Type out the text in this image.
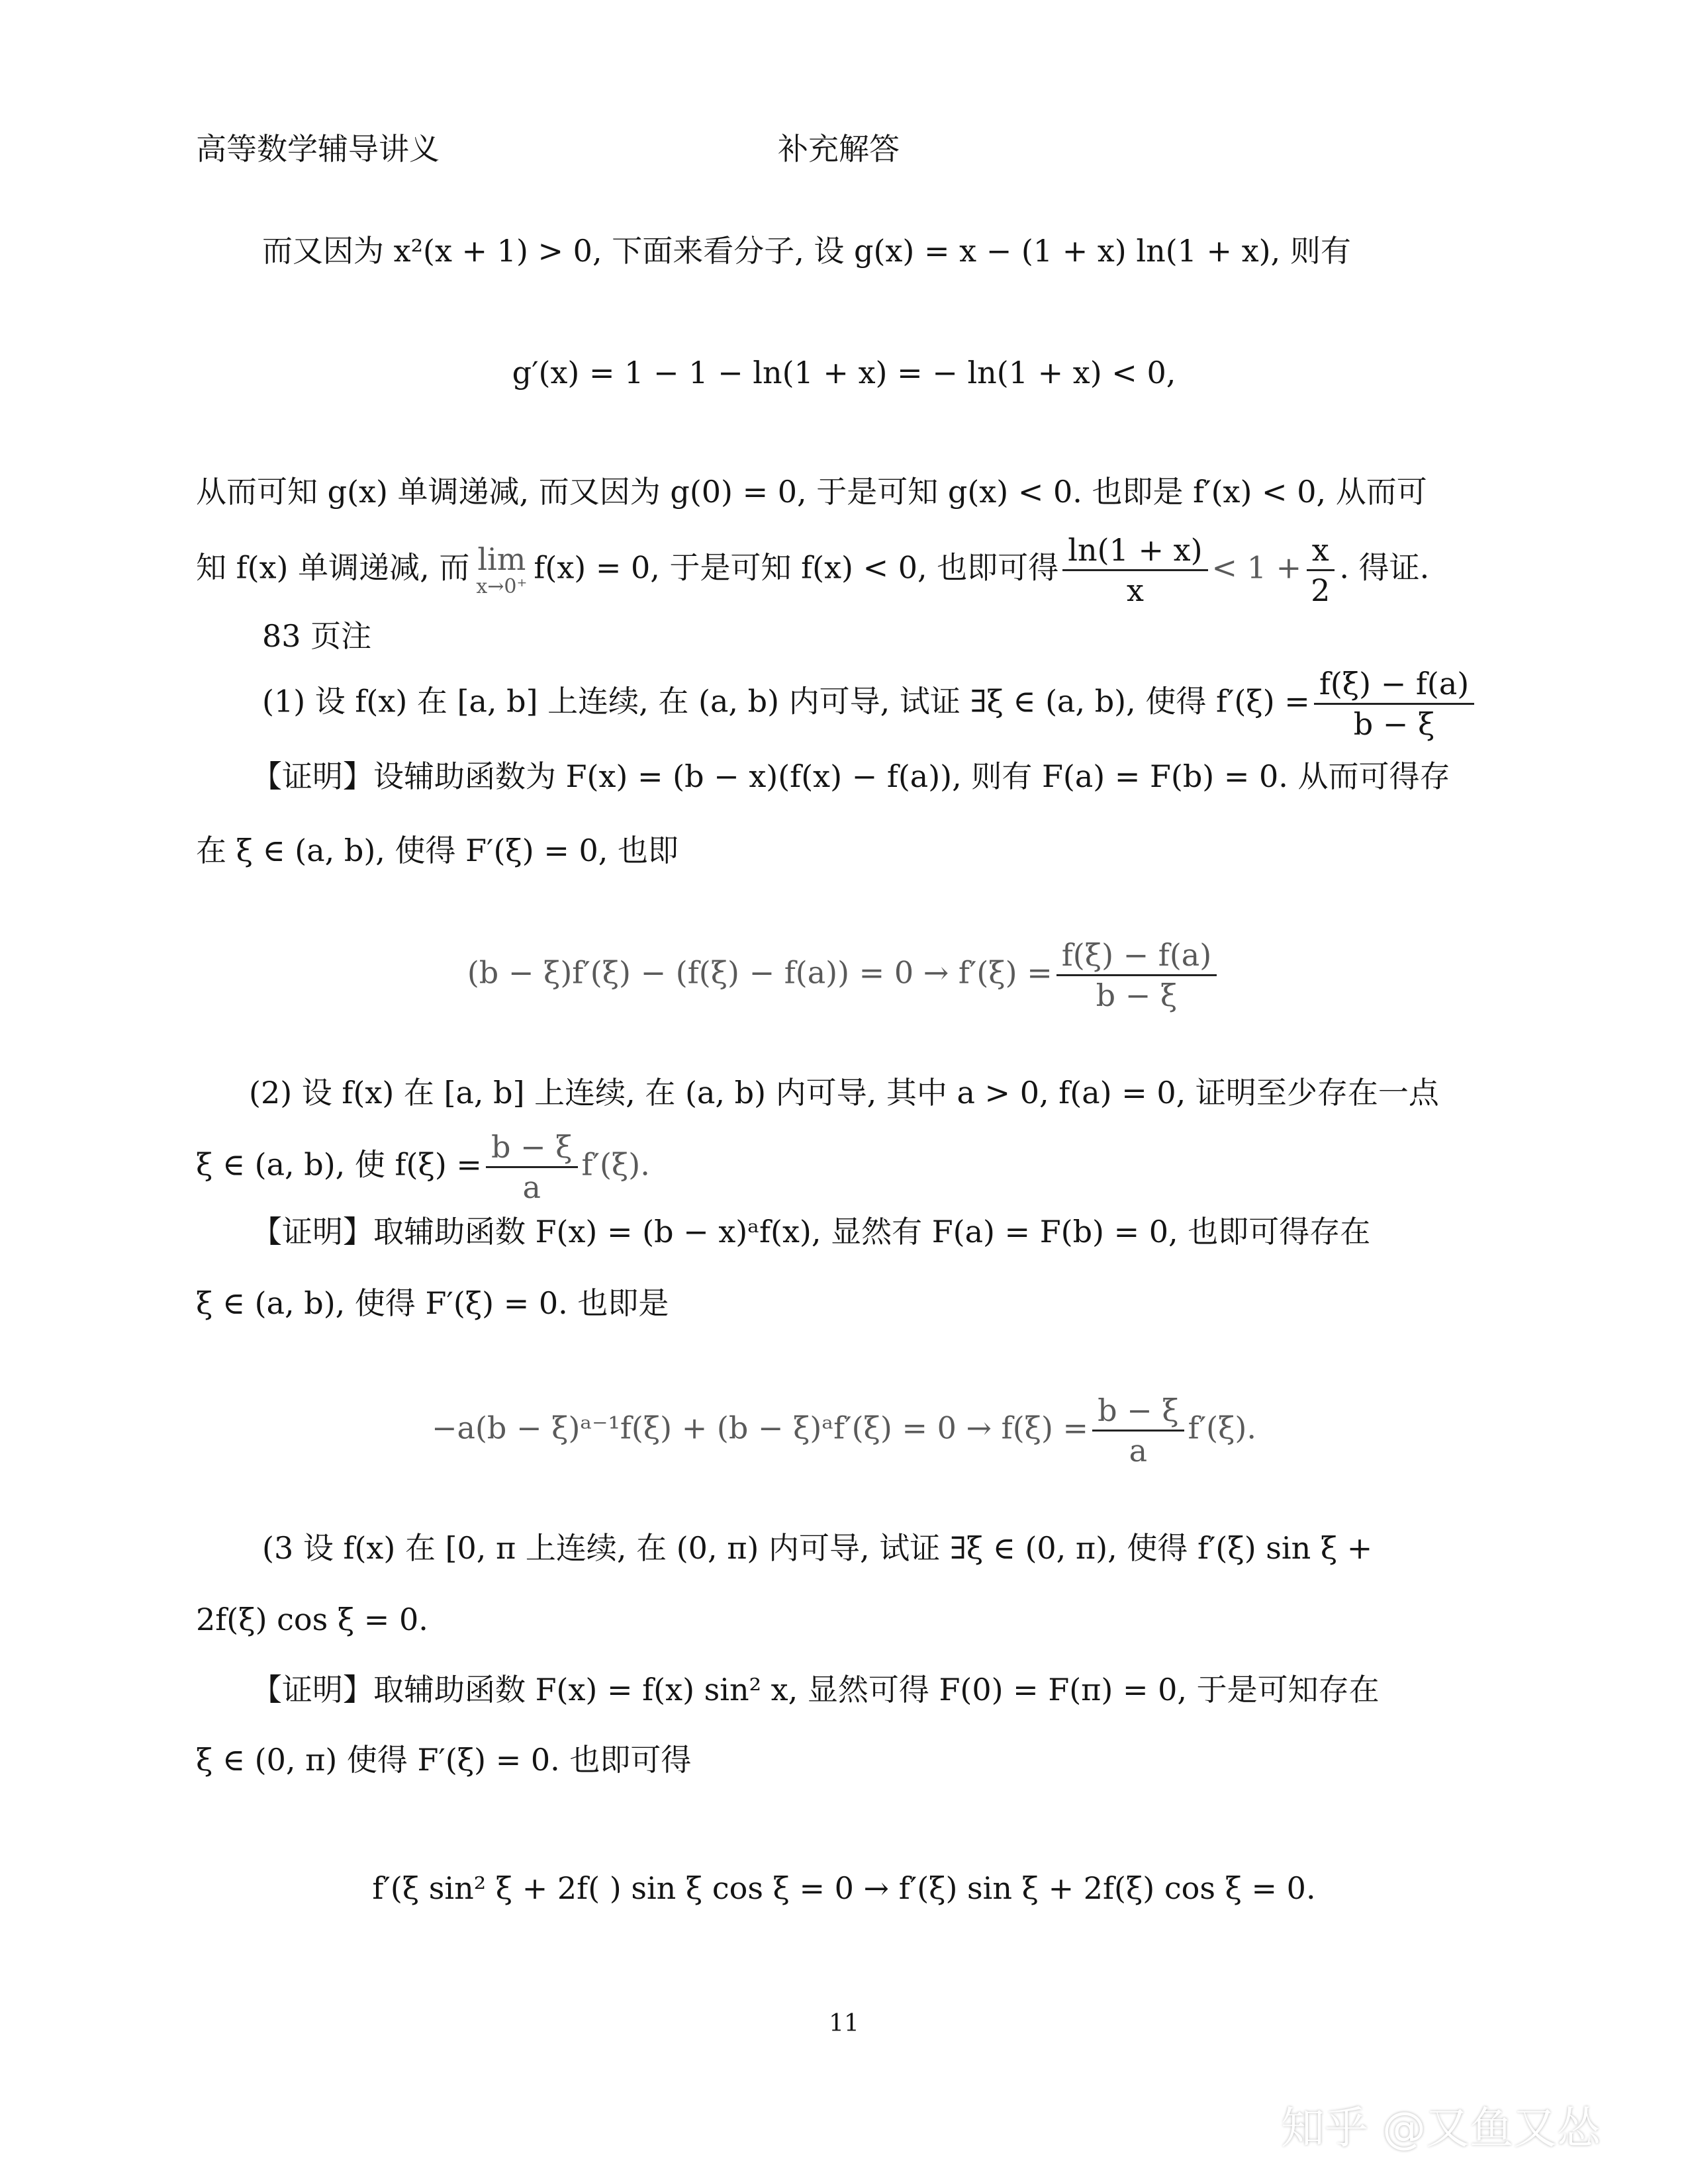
高等数学辅导讲义	补充解答
而又因为 x²(x + 1) > 0, 下面来看分子, 设 g(x) = x − (1 + x) ln(1 + x), 则有
g′(x) = 1 − 1 − ln(1 + x) = − ln(1 + x) < 0,
从而可知 g(x) 单调递减, 而又因为 g(0) = 0, 于是可知 g(x) < 0. 也即是 f′(x) < 0, 从而可
知 f(x) 单调递减, 而 lim
x→0⁺
f(x) = 0, 于是可知 f(x) < 0, 也即可得 $\frac{\ln(1 + x)}{x} < 1 + \frac{x}{2}$ . 得证.
83 页注
(1) 设 f(x) 在 [a, b] 上连续, 在 (a, b) 内可导, 试证 ∃ξ ∈ (a, b), 使得 $f'(\xi) = \frac{f(\xi) - f(a)}{b - \xi}$
【证明】设辅助函数为 F(x) = (b − x)(f(x) − f(a)), 则有 F(a) = F(b) = 0. 从而可得存
在 ξ ∈ (a, b), 使得 F′(ξ) = 0, 也即
$(b - \xi)f'(\xi) - (f(\xi) - f(a)) = 0 \to f'(\xi) = \frac{f(\xi) - f(a)}{b - \xi}$
(2) 设 f(x) 在 [a, b] 上连续, 在 (a, b) 内可导, 其中 a > 0, f(a) = 0, 证明至少存在一点
ξ ∈ (a, b), 使 $f(\xi) = \frac{b - \xi}{a} f'(\xi)$.
【证明】取辅助函数 F(x) = (b − x)ᵃf(x), 显然有 F(a) = F(b) = 0, 也即可得存在
ξ ∈ (a, b), 使得 F′(ξ) = 0. 也即是
−a(b − ξ)ᵃ⁻¹f(ξ) + (b − ξ)ᵃf′(ξ) = $0 \to f(\xi) = \frac{b - \xi}{a} f'(\xi)$.
(3 设 f(x) 在 [0, π 上连续, 在 (0, π) 内可导, 试证 ∃ξ ∈ (0, π), 使得 f′(ξ) sin ξ +
2f(ξ) cos ξ = 0.
【证明】取辅助函数 F(x) = f(x) sin² x, 显然可得 F(0) = F(π) = 0, 于是可知存在
ξ ∈ (0, π) 使得 F′(ξ) = 0. 也即可得
f′(ξ sin² ξ + 2f( ) sin ξ cos ξ = 0 → f′(ξ) sin ξ + 2f(ξ) cos ξ = 0.
11
知乎 @又鱼又怂
